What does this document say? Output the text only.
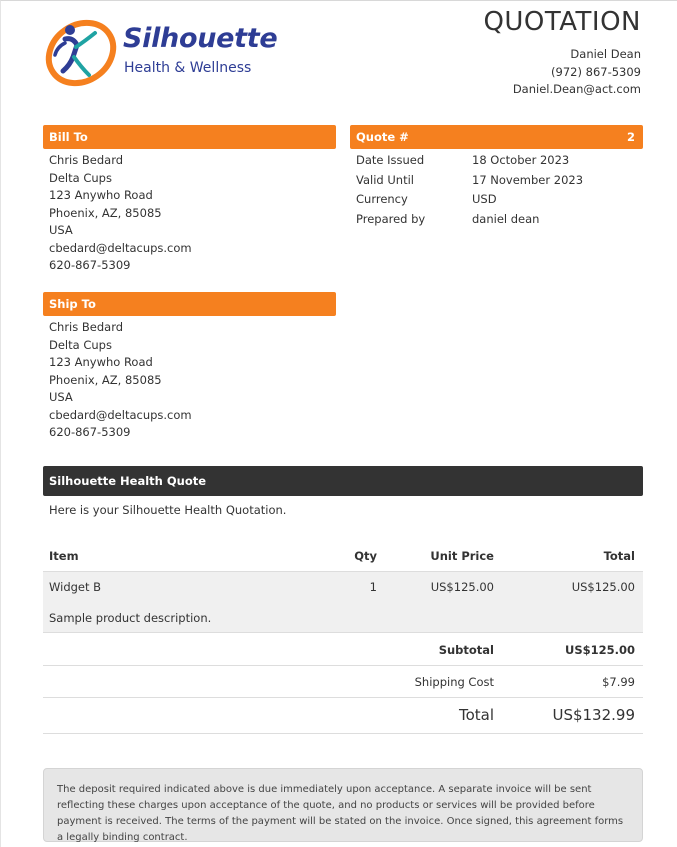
Silhouette
Health & Wellness
QUOTATION
Daniel Dean
(972) 867-5309
Daniel.Dean@act.com
Bill To
Chris Bedard
Delta Cups
123 Anywho Road
Phoenix, AZ, 85085
USA
cbedard@deltacups.com
620-867-5309
Quote #	2
Date Issued	18 October 2023
Valid Until	17 November 2023
Currency	USD
Prepared by	daniel dean
Ship To
Chris Bedard
Delta Cups
123 Anywho Road
Phoenix, AZ, 85085
USA
cbedard@deltacups.com
620-867-5309
Silhouette Health Quote
Here is your Silhouette Health Quotation.
Item	Qty	Unit Price	Total
Widget B	1	US$125.00	US$125.00
Sample product description.
Subtotal	US$125.00
Shipping Cost	$7.99
Total	US$132.99
The deposit required indicated above is due immediately upon acceptance. A separate invoice will be sent reflecting these charges upon acceptance of the quote, and no products or services will be provided before payment is received. The terms of the payment will be stated on the invoice. Once signed, this agreement forms a legally binding contract.
